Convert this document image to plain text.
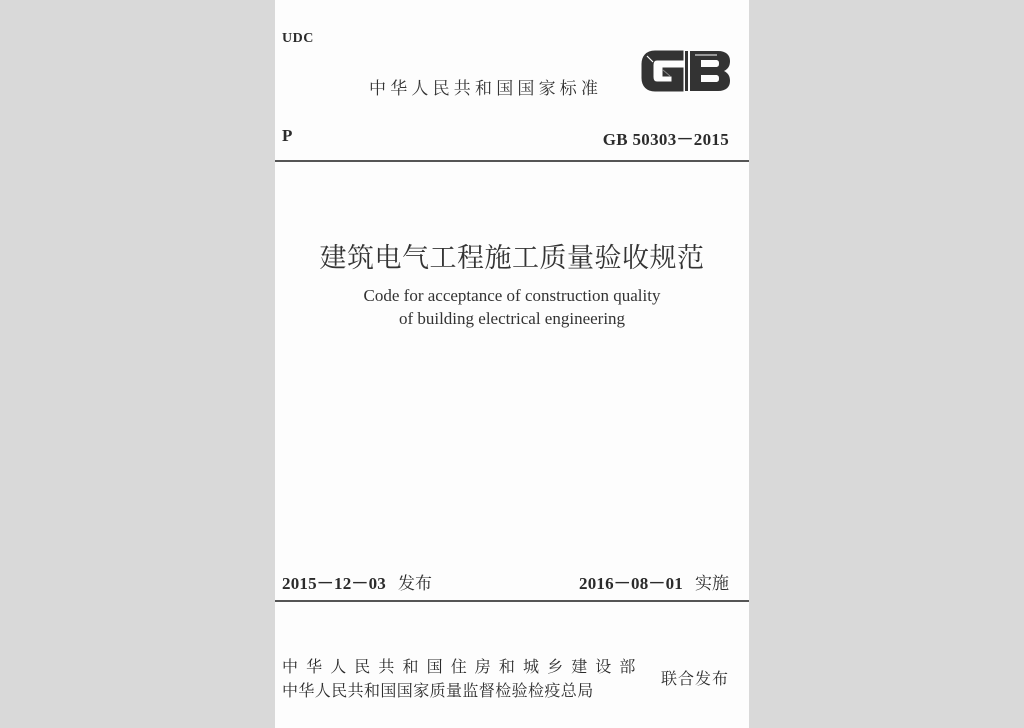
UDC
中华人民共和国国家标准
P	GB 50303－2015
建筑电气工程施工质量验收规范
Code for acceptance of construction quality
of building electrical engineering
2015－12－03 发布	2016－08－01 实施
中华人民共和国住房和城乡建设部
中华人民共和国国家质量监督检验检疫总局
联合发布
